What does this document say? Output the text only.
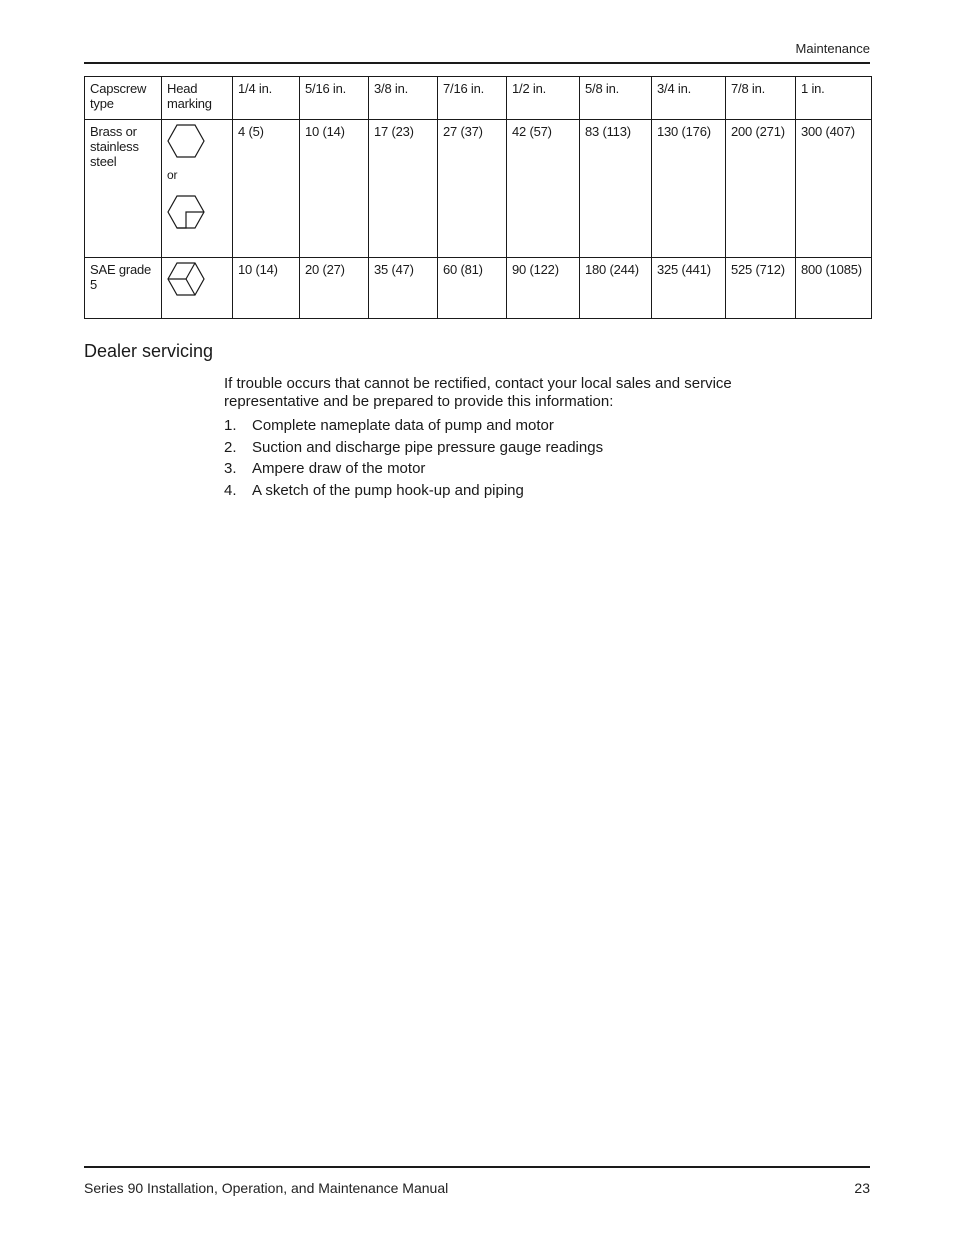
Maintenance
Capscrew type	Head marking	1/4 in.	5/16 in.	3/8 in.	7/16 in.	1/2 in.	5/8 in.	3/4 in.	7/8 in.	1 in.
Brass or stainless steel	or	4 (5)	10 (14)	17 (23)	27 (37)	42 (57)	83 (113)	130 (176)	200 (271)	300 (407)
SAE grade 5		10 (14)	20 (27)	35 (47)	60 (81)	90 (122)	180 (244)	325 (441)	525 (712)	800 (1085)
Dealer servicing

If trouble occurs that cannot be rectified, contact your local sales and service representative and be prepared to provide this information:

1. Complete nameplate data of pump and motor
2. Suction and discharge pipe pressure gauge readings
3. Ampere draw of the motor
4. A sketch of the pump hook-up and piping
Series 90 Installation, Operation, and Maintenance Manual	23
